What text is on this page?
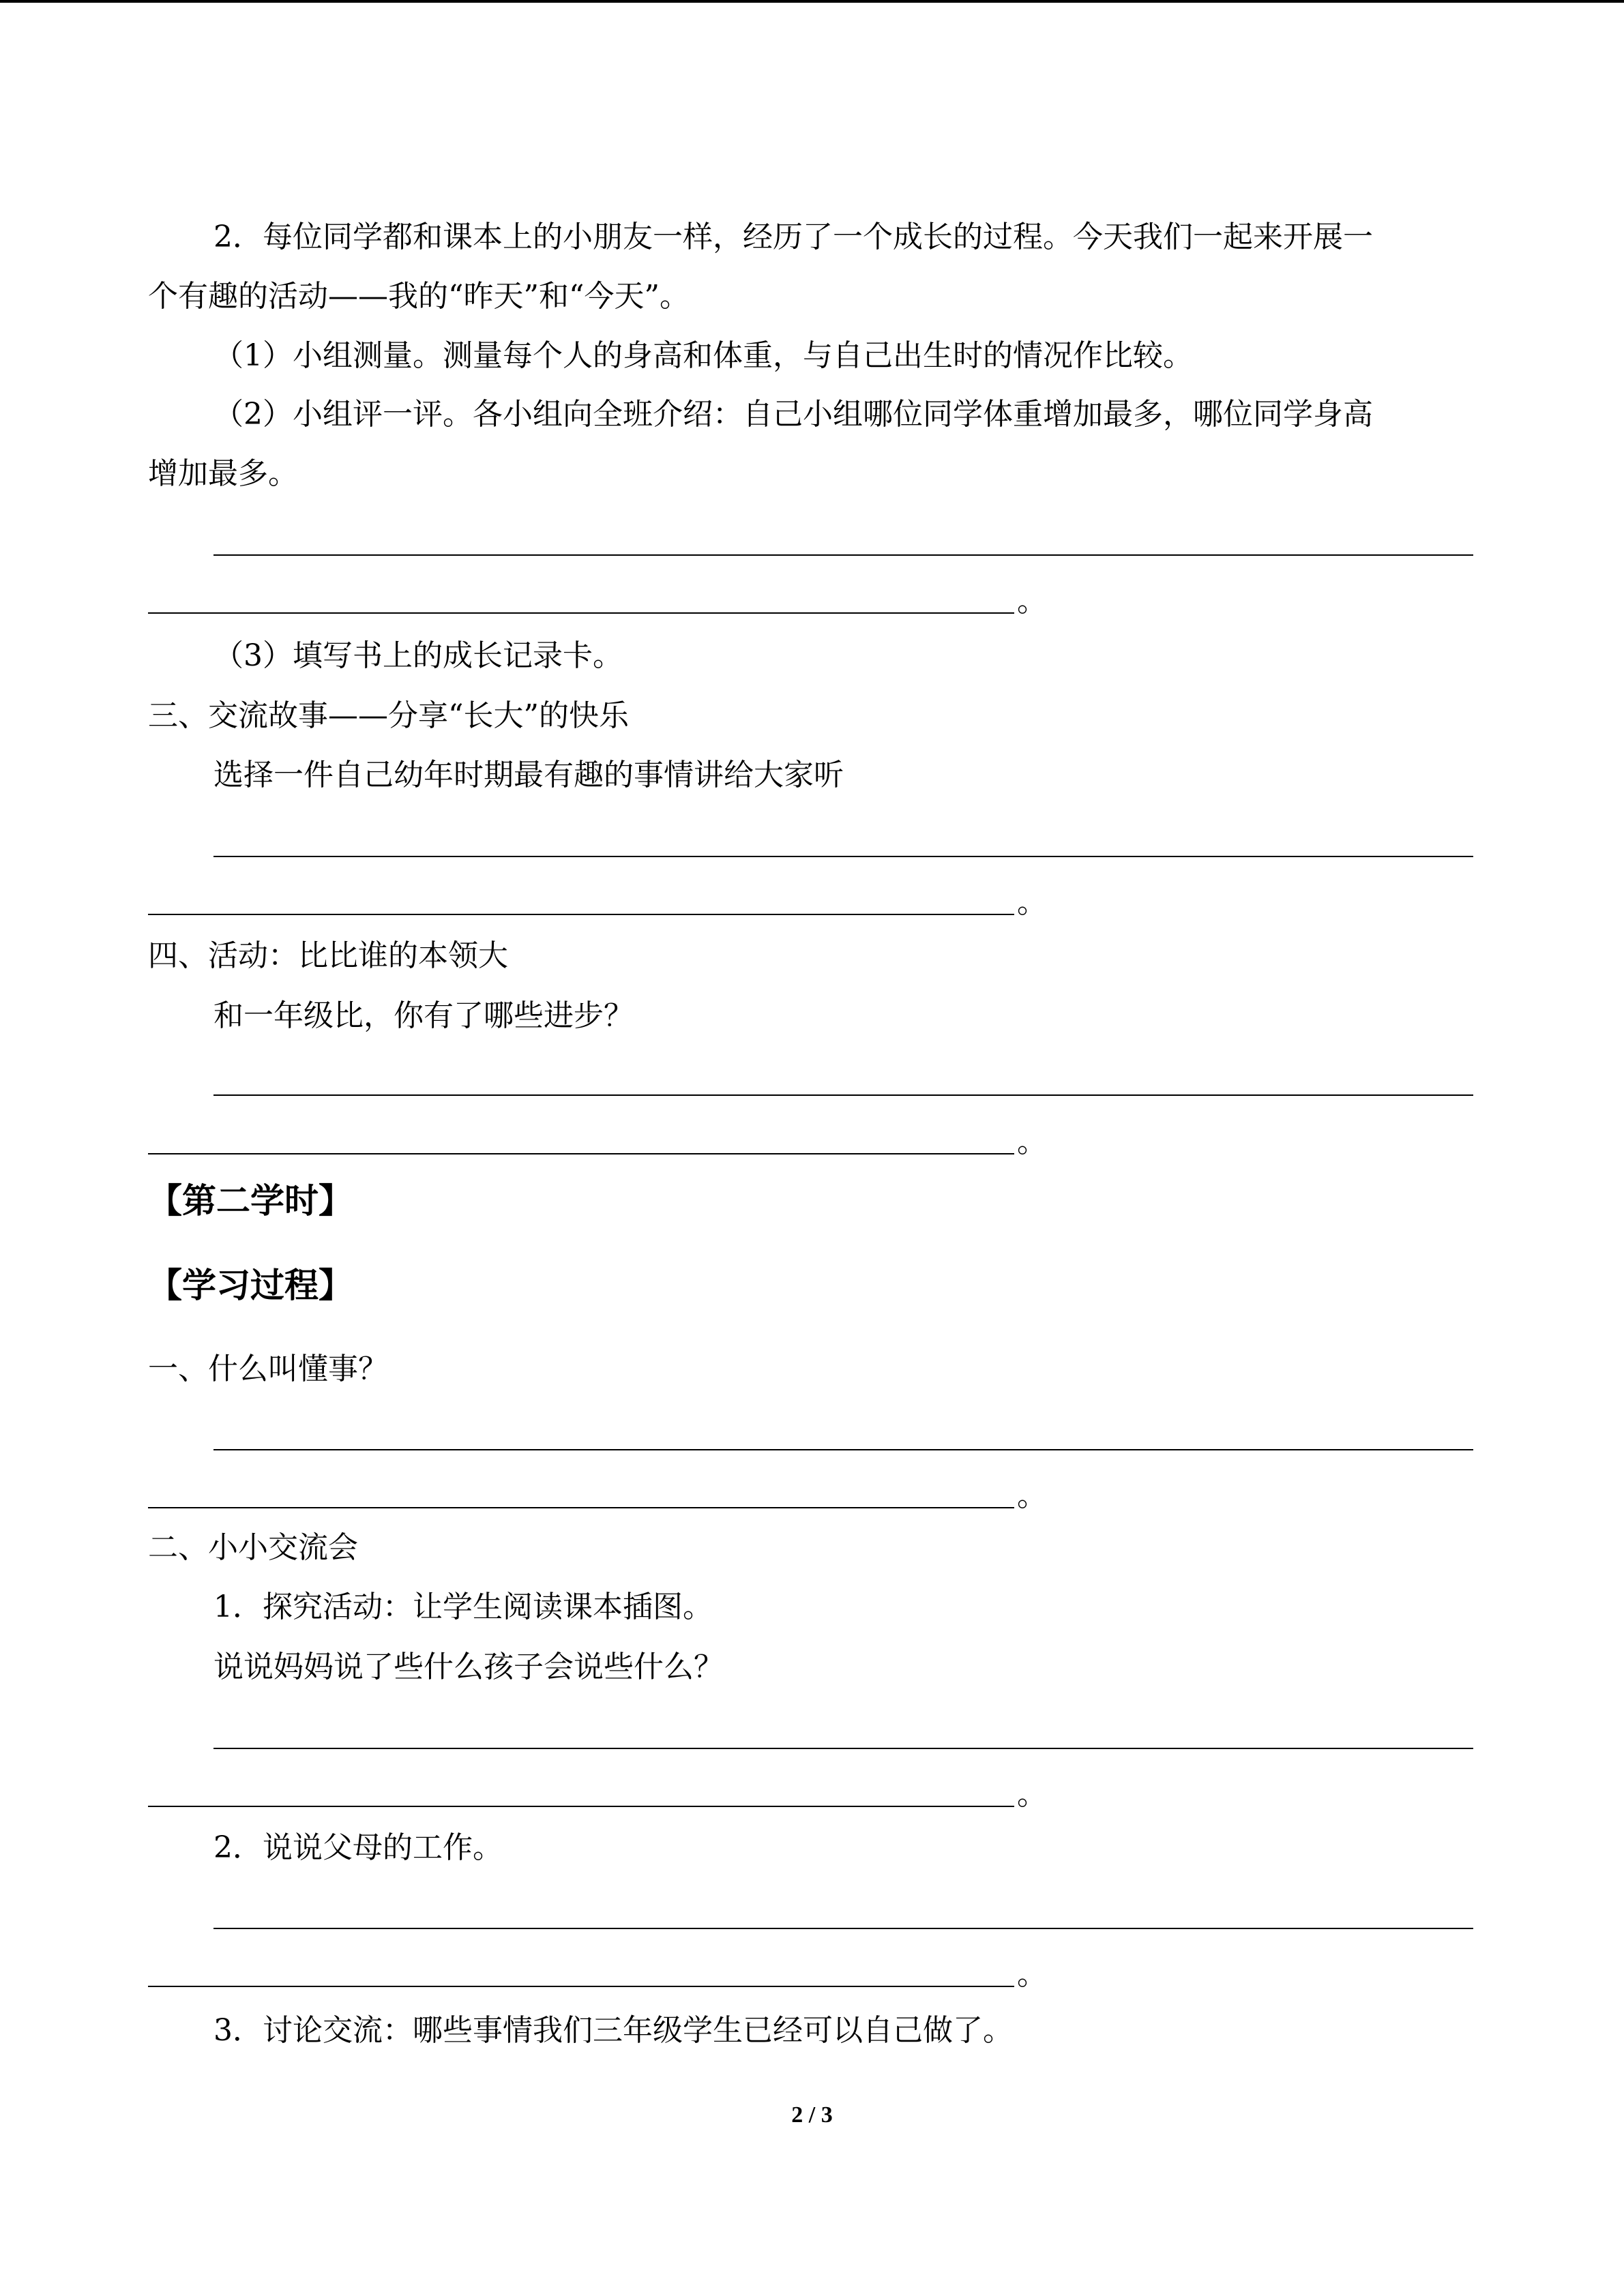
2．每位同学都和课本上的小朋友一样，经历了一个成长的过程。今天我们一起来开展一
个有趣的活动——我的“昨天”和“今天”。
（1）小组测量。测量每个人的身高和体重，与自己出生时的情况作比较。
（2）小组评一评。各小组向全班介绍：自己小组哪位同学体重增加最多，哪位同学身高
增加最多。
。
（3）填写书上的成长记录卡。
三、交流故事——分享“长大”的快乐
选择一件自己幼年时期最有趣的事情讲给大家听
。
四、活动：比比谁的本领大
和一年级比，你有了哪些进步？
。
【第二学时】
【学习过程】
一、什么叫懂事？
。
二、小小交流会
1．探究活动：让学生阅读课本插图。
说说妈妈说了些什么孩子会说些什么？
。
2．说说父母的工作。
。
3．讨论交流：哪些事情我们三年级学生已经可以自己做了。
2 / 3
